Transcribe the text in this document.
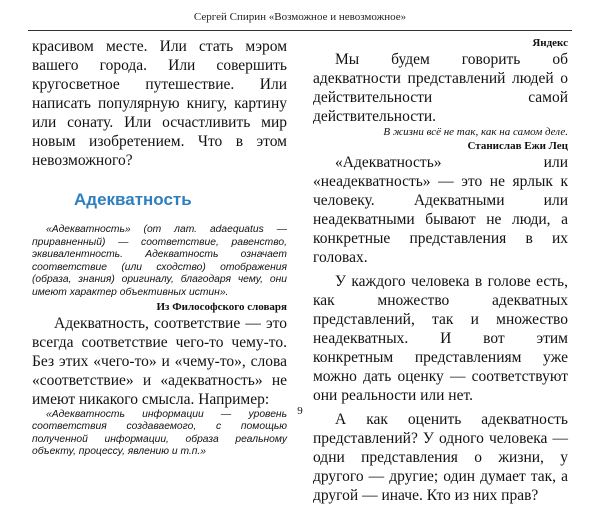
Сергей Спирин «Возможное и невозможное»

красивом месте. Или стать мэром вашего города. Или совершить кругосветное путешествие. Или написать популярную книгу, картину или сонату. Или осчастливить мир новым изобретением. Что в этом невозможного?

Адекватность

«Адекватность» (от лат. adaequatus — приравненный) — соответствие, равенство, эквивалентность. Адекватность означает соответствие (или сходство) отображения (образа, знания) оригиналу, благодаря чему, они имеют характер объективных истин».

Из Философского словаря

Адекватность, соответствие — это всегда соответствие чего-то чему-то. Без этих «чего-то» и «чему-то», слова «соответствие» и «адекватность» не имеют никакого смысла. Например:

«Адекватность информации — уровень соответствия создаваемого, с помощью полученной информации, образа реальному объекту, процессу, явлению и т.п.»

Яндекс

Мы будем говорить об адекватности представлений людей о действительности самой действительности.

В жизни всё не так, как на самом деле.

Станислав Ежи Лец

«Адекватность» или «неадекватность» — это не ярлык к человеку. Адекватными или неадекватными бывают не люди, а конкретные представления в их головах.

У каждого человека в голове есть, как множество адекватных представлений, так и множество неадекватных. И вот этим конкретным представлениям уже можно дать оценку — соответствуют они реальности или нет.

А как оценить адекватность представлений? У одного человека — одни представления о жизни, у другого — другие; один думает так, а другой — иначе. Кто из них прав?

9
